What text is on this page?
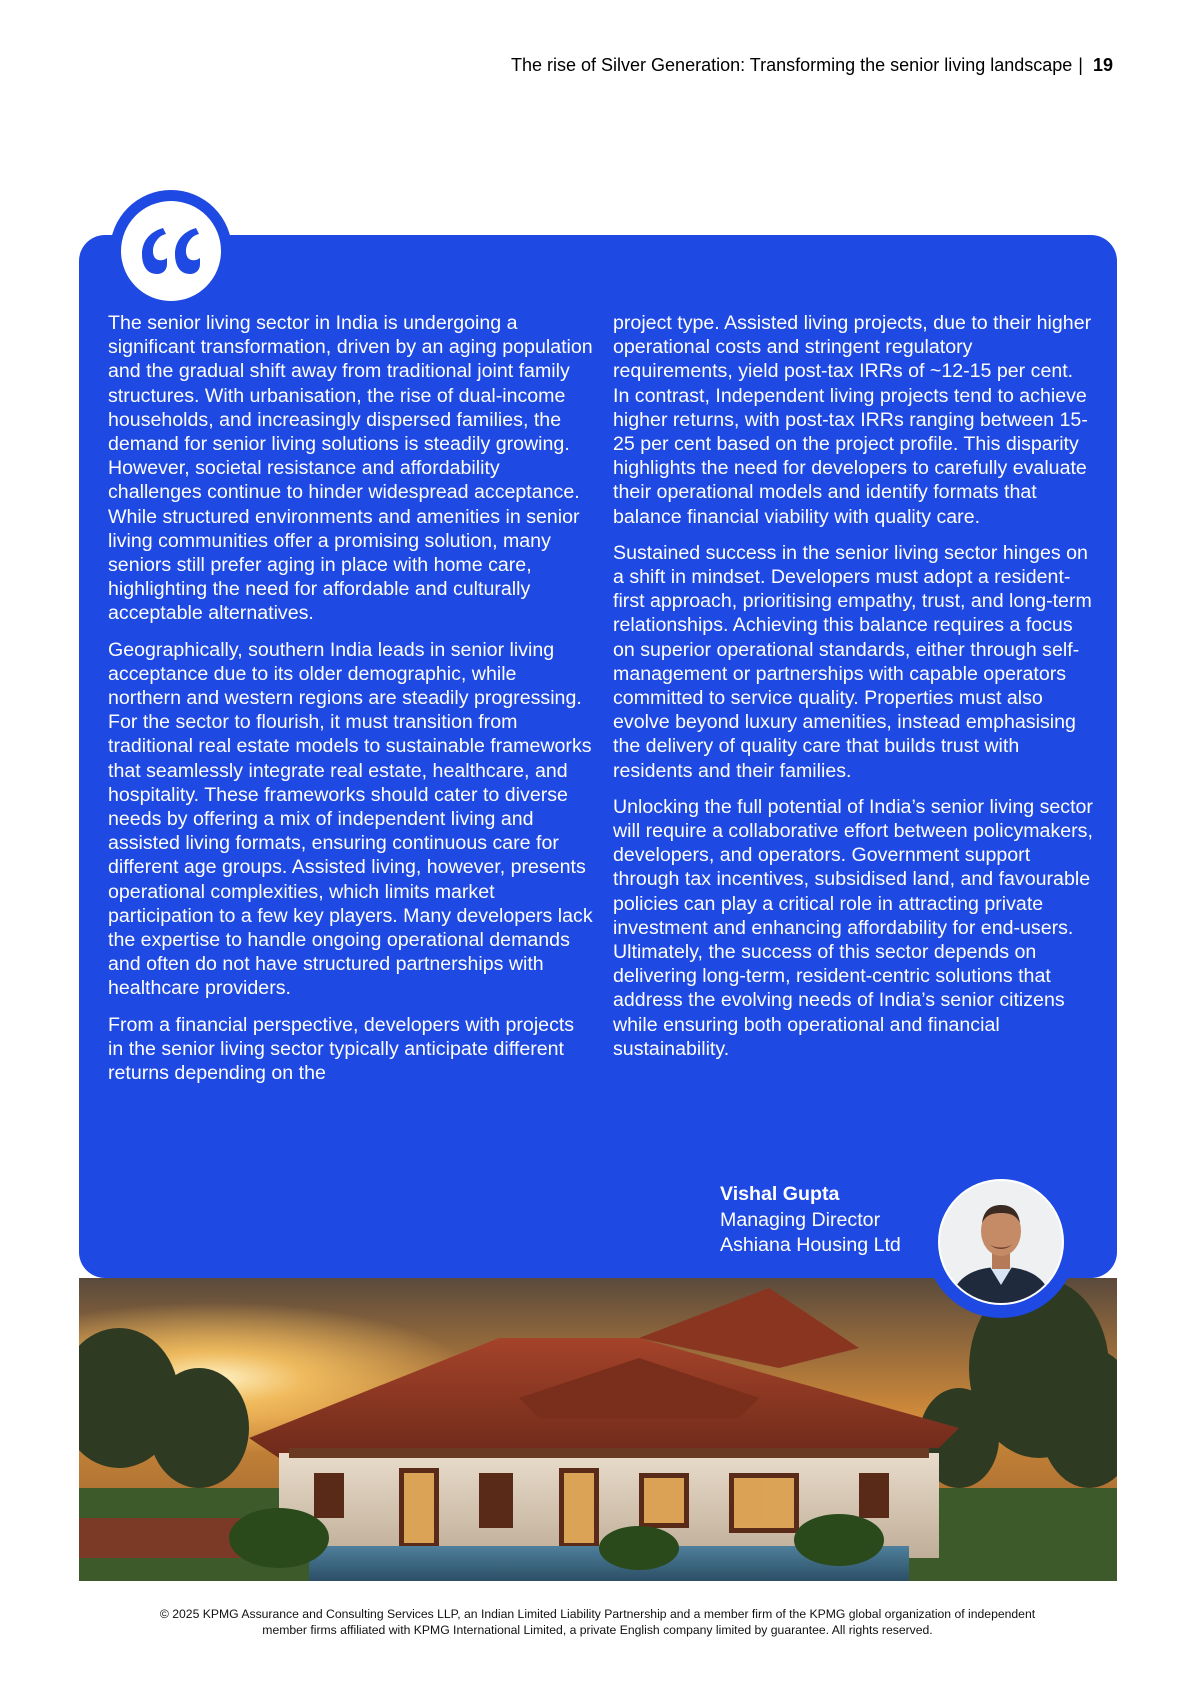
The rise of Silver Generation: Transforming the senior living landscape | 19

The senior living sector in India is undergoing a significant transformation, driven by an aging population and the gradual shift away from traditional joint family structures. With urbanisation, the rise of dual-income households, and increasingly dispersed families, the demand for senior living solutions is steadily growing. However, societal resistance and affordability challenges continue to hinder widespread acceptance. While structured environments and amenities in senior living communities offer a promising solution, many seniors still prefer aging in place with home care, highlighting the need for affordable and culturally acceptable alternatives.

Geographically, southern India leads in senior living acceptance due to its older demographic, while northern and western regions are steadily progressing. For the sector to flourish, it must transition from traditional real estate models to sustainable frameworks that seamlessly integrate real estate, healthcare, and hospitality. These frameworks should cater to diverse needs by offering a mix of independent living and assisted living formats, ensuring continuous care for different age groups. Assisted living, however, presents operational complexities, which limits market participation to a few key players. Many developers lack the expertise to handle ongoing operational demands and often do not have structured partnerships with healthcare providers.

From a financial perspective, developers with projects in the senior living sector typically anticipate different returns depending on the

project type. Assisted living projects, due to their higher operational costs and stringent regulatory requirements, yield post-tax IRRs of ~12-15 per cent. In contrast, Independent living projects tend to achieve higher returns, with post-tax IRRs ranging between 15-25 per cent based on the project profile. This disparity highlights the need for developers to carefully evaluate their operational models and identify formats that balance financial viability with quality care.

Sustained success in the senior living sector hinges on a shift in mindset. Developers must adopt a resident-first approach, prioritising empathy, trust, and long-term relationships. Achieving this balance requires a focus on superior operational standards, either through self-management or partnerships with capable operators committed to service quality. Properties must also evolve beyond luxury amenities, instead emphasising the delivery of quality care that builds trust with residents and their families.

Unlocking the full potential of India’s senior living sector will require a collaborative effort between policymakers, developers, and operators. Government support through tax incentives, subsidised land, and favourable policies can play a critical role in attracting private investment and enhancing affordability for end-users. Ultimately, the success of this sector depends on delivering long-term, resident-centric solutions that address the evolving needs of India’s senior citizens while ensuring both operational and financial sustainability.

Vishal Gupta
Managing Director
Ashiana Housing Ltd
© 2025 KPMG Assurance and Consulting Services LLP, an Indian Limited Liability Partnership and a member firm of the KPMG global organization of independent
member firms affiliated with KPMG International Limited, a private English company limited by guarantee. All rights reserved.
